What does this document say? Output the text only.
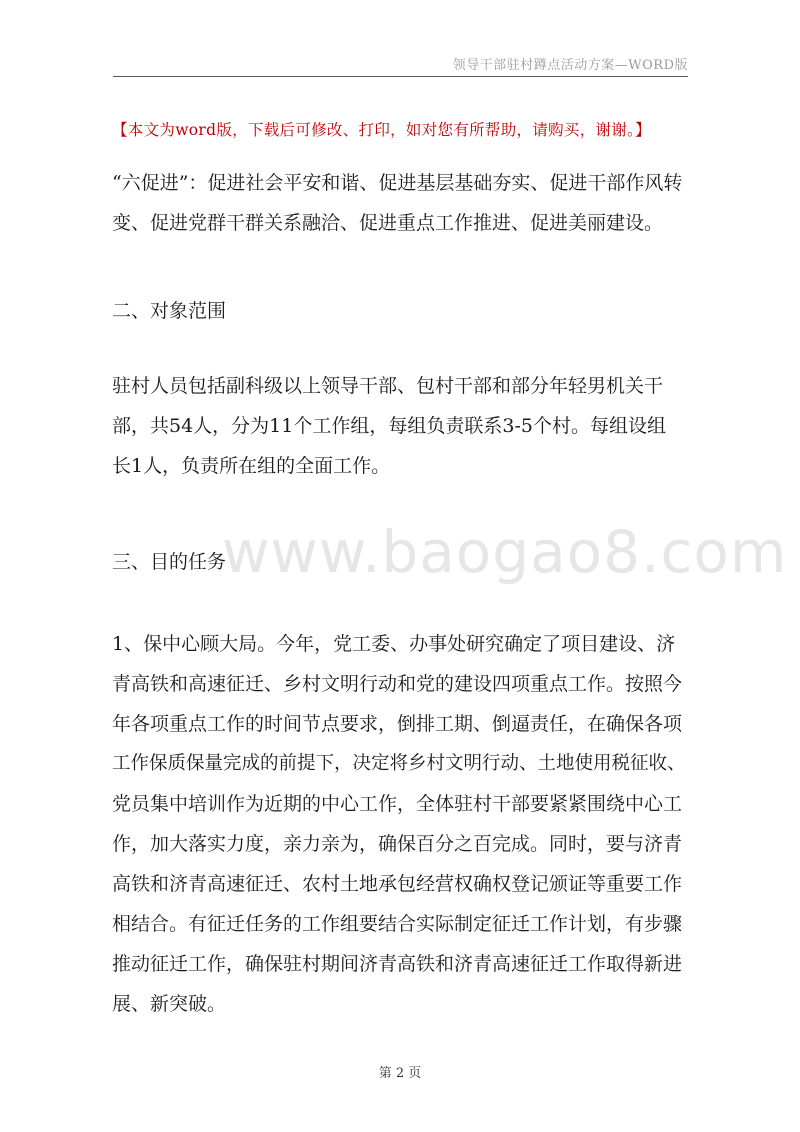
领导干部驻村蹲点活动方案—WORD版
【本文为word版，下载后可修改、打印，如对您有所帮助，请购买，谢谢。】
www.baogao8.com
“六促进”：促进社会平安和谐、促进基层基础夯实、促进干部作风转
变、促进党群干群关系融洽、促进重点工作推进、促进美丽建设。
二、对象范围
驻村人员包括副科级以上领导干部、包村干部和部分年轻男机关干
部，共54人，分为11个工作组，每组负责联系3-5个村。每组设组
长1人，负责所在组的全面工作。
三、目的任务
1、保中心顾大局。今年，党工委、办事处研究确定了项目建设、济
青高铁和高速征迁、乡村文明行动和党的建设四项重点工作。按照今
年各项重点工作的时间节点要求，倒排工期、倒逼责任，在确保各项
工作保质保量完成的前提下，决定将乡村文明行动、土地使用税征收、
党员集中培训作为近期的中心工作，全体驻村干部要紧紧围绕中心工
作，加大落实力度，亲力亲为，确保百分之百完成。同时，要与济青
高铁和济青高速征迁、农村土地承包经营权确权登记颁证等重要工作
相结合。有征迁任务的工作组要结合实际制定征迁工作计划，有步骤
推动征迁工作，确保驻村期间济青高铁和济青高速征迁工作取得新进
展、新突破。
第 2 页
